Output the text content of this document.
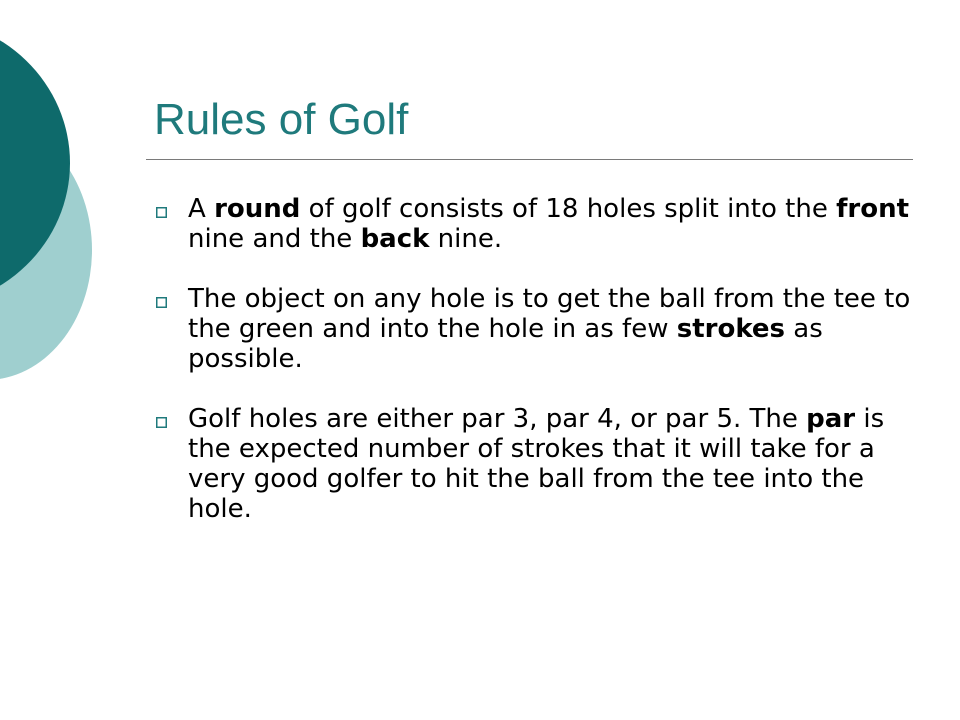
Rules of Golf

A round of golf consists of 18 holes split into the front nine and the back nine.

The object on any hole is to get the ball from the tee to the green and into the hole in as few strokes as possible.

Golf holes are either par 3, par 4, or par 5. The par is the expected number of strokes that it will take for a very good golfer to hit the ball from the tee into the hole.
